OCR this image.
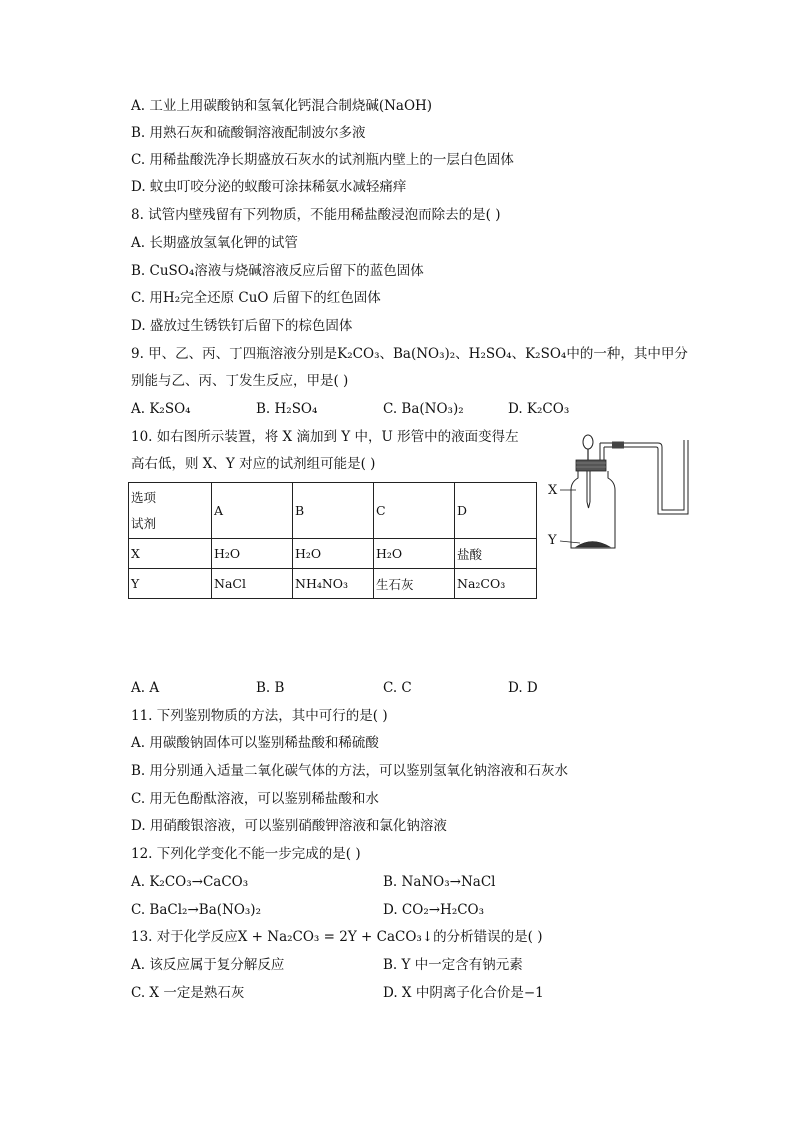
A. 工业上用碳酸钠和氢氧化钙混合制烧碱(NaOH)
B. 用熟石灰和硫酸铜溶液配制波尔多液
C. 用稀盐酸洗净长期盛放石灰水的试剂瓶内壁上的一层白色固体
D. 蚊虫叮咬分泌的蚁酸可涂抹稀氨水减轻痛痒
8. 试管内壁残留有下列物质，不能用稀盐酸浸泡而除去的是( )
A. 长期盛放氢氧化钾的试管
B. CuSO₄溶液与烧碱溶液反应后留下的蓝色固体
C. 用H₂完全还原 CuO 后留下的红色固体
D. 盛放过生锈铁钉后留下的棕色固体
9. 甲、乙、丙、丁四瓶溶液分别是K₂CO₃、Ba(NO₃)₂、H₂SO₄、K₂SO₄中的一种，其中甲分
别能与乙、丙、丁发生反应，甲是( )
A. K₂SO₄	B. H₂SO₄	C. Ba(NO₃)₂	D. K₂CO₃
10. 如右图所示装置，将 X 滴加到 Y 中，U 形管中的液面变得左
高右低，则 X、Y 对应的试剂组可能是( )
选项
试剂	A	B	C	D
X	H₂O	H₂O	H₂O	盐酸
Y	NaCl	NH₄NO₃	生石灰	Na₂CO₃
X
Y
A. A	B. B	C. C	D. D
11. 下列鉴别物质的方法，其中可行的是( )
A. 用碳酸钠固体可以鉴别稀盐酸和稀硫酸
B. 用分别通入适量二氧化碳气体的方法，可以鉴别氢氧化钠溶液和石灰水
C. 用无色酚酞溶液，可以鉴别稀盐酸和水
D. 用硝酸银溶液，可以鉴别硝酸钾溶液和氯化钠溶液
12. 下列化学变化不能一步完成的是( )
A. K₂CO₃→CaCO₃	B. NaNO₃→NaCl
C. BaCl₂→Ba(NO₃)₂	D. CO₂→H₂CO₃
13. 对于化学反应X + Na₂CO₃ = 2Y + CaCO₃↓的分析错误的是( )
A. 该反应属于复分解反应	B. Y 中一定含有钠元素
C. X 一定是熟石灰	D. X 中阴离子化合价是−1
